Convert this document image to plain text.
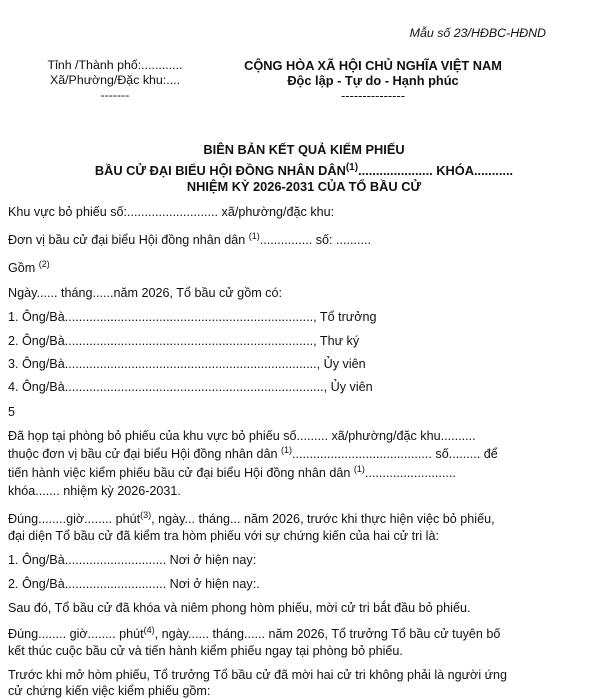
Mẫu số 23/HĐBC-HĐND
Tỉnh /Thành phố:............
Xã/Phường/Đặc khu:....
-------
CỘNG HÒA XÃ HỘI CHỦ NGHĨA VIỆT NAM
Độc lập - Tự do - Hạnh phúc
---------------
BIÊN BẢN KẾT QUẢ KIỂM PHIẾU
BẦU CỬ ĐẠI BIỂU HỘI ĐỒNG NHÂN DÂN$^{(1)}$..................... KHÓA...........
NHIỆM KỲ 2026-2031 CỦA TỔ BẦU CỬ
Khu vực bỏ phiếu số:.......................... xã/phường/đặc khu:
Đơn vị bầu cử đại biểu Hội đồng nhân dân $^{(1)}$............... số: ..........
Gồm $^{(2)}$
Ngày...... tháng......năm 2026, Tổ bầu cử gồm có:
1. Ông/Bà......................................................................., Tổ trưởng
2. Ông/Bà......................................................................., Thư ký
3. Ông/Bà........................................................................, Ủy viên
4. Ông/Bà.........................................................................., Ủy viên
5
Đã họp tại phòng bỏ phiếu của khu vực bỏ phiếu số......... xã/phường/đặc khu..........
thuộc đơn vị bầu cử đại biểu Hội đồng nhân dân $^{(1)}$........................................ số......... để
tiến hành việc kiểm phiếu bầu cử đại biểu Hội đồng nhân dân $^{(1)}$..........................
khóa....... nhiệm kỳ 2026-2031.
Đúng........giờ........ phút$^{(3)}$, ngày... tháng... năm 2026, trước khi thực hiện việc bỏ phiếu,
đại diện Tổ bầu cử đã kiểm tra hòm phiếu với sự chứng kiến của hai cử tri là:
1. Ông/Bà............................. Nơi ở hiện nay:
2. Ông/Bà............................. Nơi ở hiện nay:.
Sau đó, Tổ bầu cử đã khóa và niêm phong hòm phiếu, mời cử tri bắt đầu bỏ phiếu.
Đúng........ giờ........ phút$^{(4)}$, ngày...... tháng...... năm 2026, Tổ trưởng Tổ bầu cử tuyên bố
kết thúc cuộc bầu cử và tiến hành kiểm phiếu ngay tại phòng bỏ phiếu.
Trước khi mở hòm phiếu, Tổ trưởng Tổ bầu cử đã mời hai cử tri không phải là người ứng
cử chứng kiến việc kiểm phiếu gồm:
